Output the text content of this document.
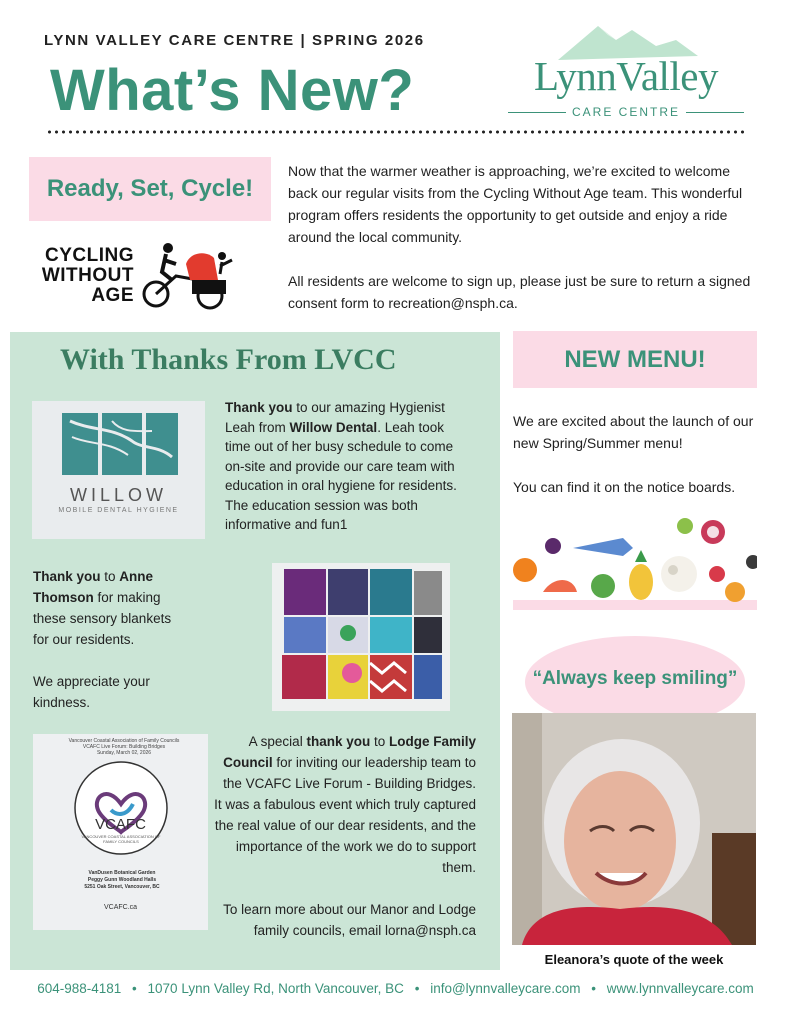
LYNN VALLEY CARE CENTRE | SPRING 2026
What’s New?	LynnValley
CARE CENTRE
Ready, Set, Cycle!
CYCLING
WITHOUT
AGE

Now that the warmer weather is approaching, we’re excited to welcome back our regular visits from the Cycling Without Age team. This wonderful program offers residents the opportunity to get outside and enjoy a ride around the local community.

All residents are welcome to sign up, please just be sure to return a signed consent form to recreation@nsph.ca.

With Thanks From LVCC
WILLOW
MOBILE DENTAL HYGIENE
Thank you to our amazing Hygienist Leah from Willow Dental. Leah took time out of her busy schedule to come on-site and provide our care team with education in oral hygiene for residents. The education session was both informative and fun1

Thank you to Anne Thomson for making these sensory blankets for our residents.

We appreciate your kindness.

Vancouver Coastal Association of Family Councils
VCAFC Live Forum: Building Bridges
Sunday, March 02, 2026
VCAFC
VANCOUVER COASTAL ASSOCIATION OF FAMILY COUNCILS
VanDusen Botanical Garden
Peggy Gunn Woodland Halls
5251 Oak Street, Vancouver, BC
VCAFC.ca

A special thank you to Lodge Family Council for inviting our leadership team to the VCAFC Live Forum - Building Bridges. It was a fabulous event which truly captured the real value of our dear residents, and the importance of the work we do to support them.

To learn more about our Manor and Lodge family councils, email lorna@nsph.ca

NEW MENU!

We are excited about the launch of our new Spring/Summer menu!

You can find it on the notice boards.

“Always keep smiling”
Eleanora’s quote of the week
604-988-4181 • 1070 Lynn Valley Rd, North Vancouver, BC • info@lynnvalleycare.com • www.lynnvalleycare.com
